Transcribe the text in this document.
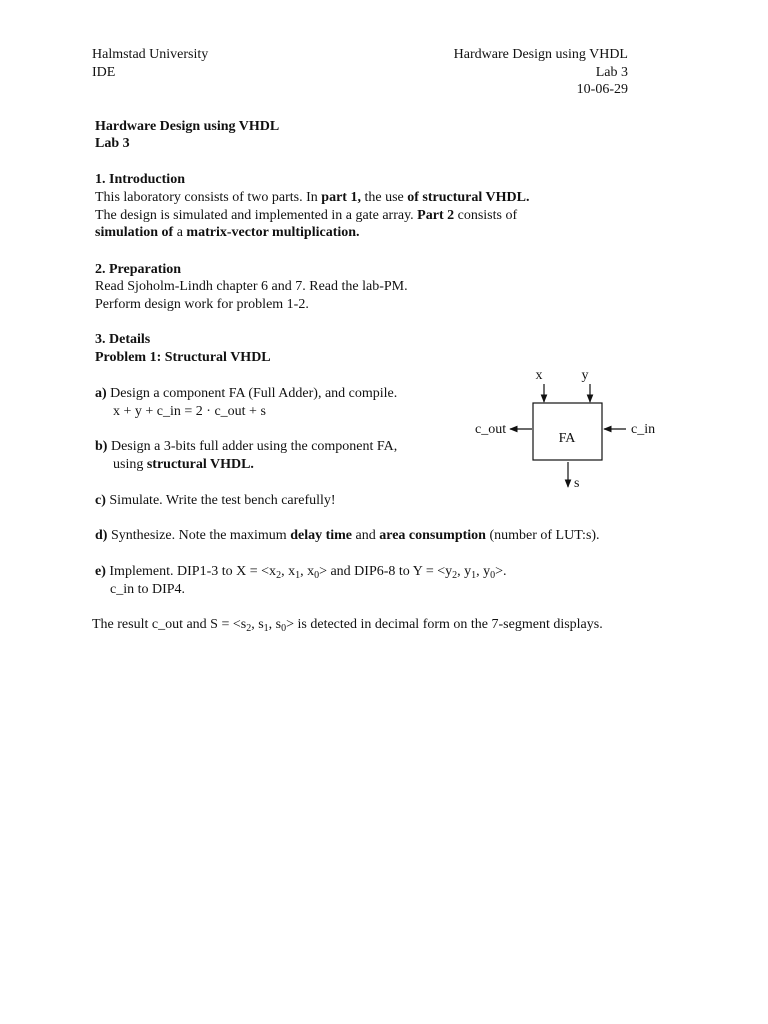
Halmstad University
IDE
Hardware Design using VHDL
Lab 3
10-06-29
Hardware Design using VHDL
Lab 3
1. Introduction
This laboratory consists of two parts. In part 1, the use of structural VHDL.
The design is simulated and implemented in a gate array. Part 2 consists of
simulation of a matrix-vector multiplication.
2. Preparation
Read Sjoholm-Lindh chapter 6 and 7. Read the lab-PM.
Perform design work for problem 1-2.
3. Details
Problem 1: Structural VHDL
a) Design a component FA (Full Adder), and compile.
x + y + c_in = 2 · c_out + s
b) Design a 3-bits full adder using the component FA,
using structural VHDL.
c) Simulate. Write the test bench carefully!
d) Synthesize. Note the maximum delay time and area consumption (number of LUT:s).
e) Implement. DIP1-3 to $X = <x_2$, $x_1$, $x_0>$ and DIP6-8 to $Y = <y_2$, $y_1$, $y_0>$.
c_in to DIP4.
The result c_out and $S = <s_2$, $s_1$, $s_0>$ is detected in decimal form on the 7-segment displays.
FA
x	y
c_out	c_in
s
